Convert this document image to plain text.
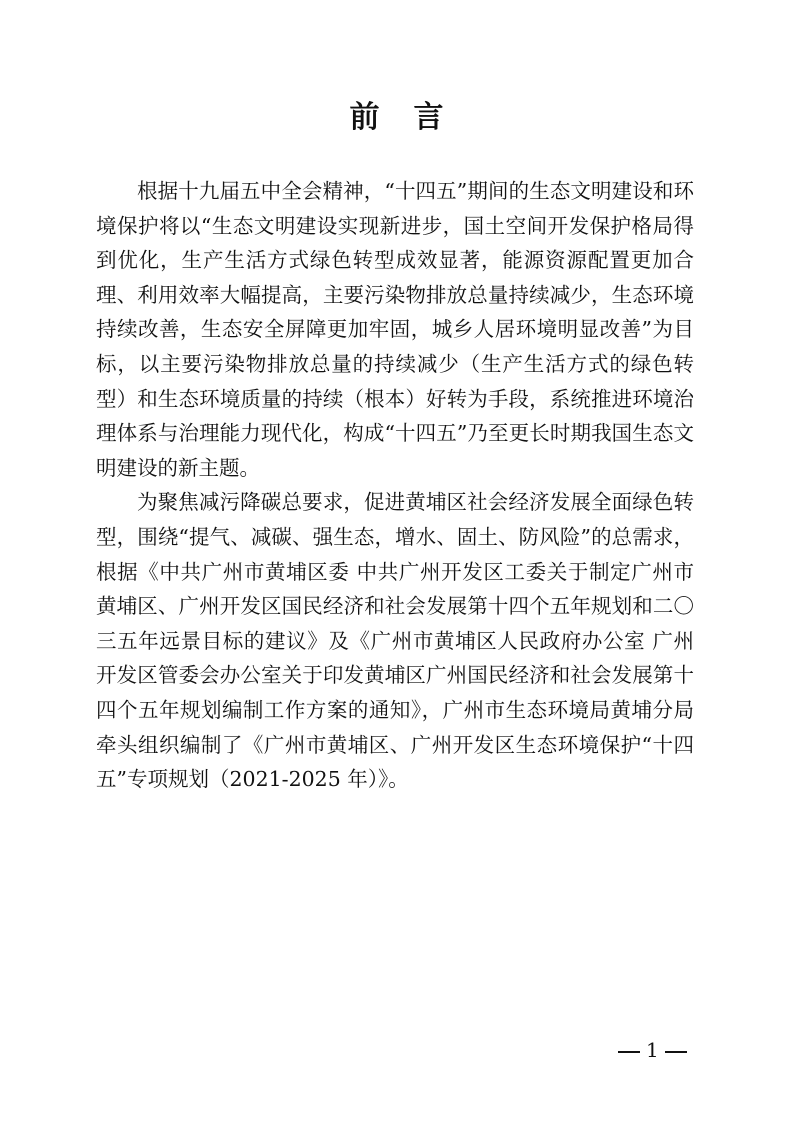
前 言

根据十九届五中全会精神，“十四五”期间的生态文明建设和环境保护将以“生态文明建设实现新进步，国土空间开发保护格局得到优化，生产生活方式绿色转型成效显著，能源资源配置更加合理、利用效率大幅提高，主要污染物排放总量持续减少，生态环境持续改善，生态安全屏障更加牢固，城乡人居环境明显改善”为目标，以主要污染物排放总量的持续减少（生产生活方式的绿色转型）和生态环境质量的持续（根本）好转为手段，系统推进环境治理体系与治理能力现代化，构成“十四五”乃至更长时期我国生态文明建设的新主题。

为聚焦减污降碳总要求，促进黄埔区社会经济发展全面绿色转型，围绕“提气、减碳、强生态，增水、固土、防风险”的总需求，根据《中共广州市黄埔区委 中共广州开发区工委关于制定广州市黄埔区、广州开发区国民经济和社会发展第十四个五年规划和二〇三五年远景目标的建议》及《广州市黄埔区人民政府办公室 广州开发区管委会办公室关于印发黄埔区广州国民经济和社会发展第十四个五年规划编制工作方案的通知》，广州市生态环境局黄埔分局牵头组织编制了《广州市黄埔区、广州开发区生态环境保护“十四五”专项规划（2021-2025 年）》。

1
